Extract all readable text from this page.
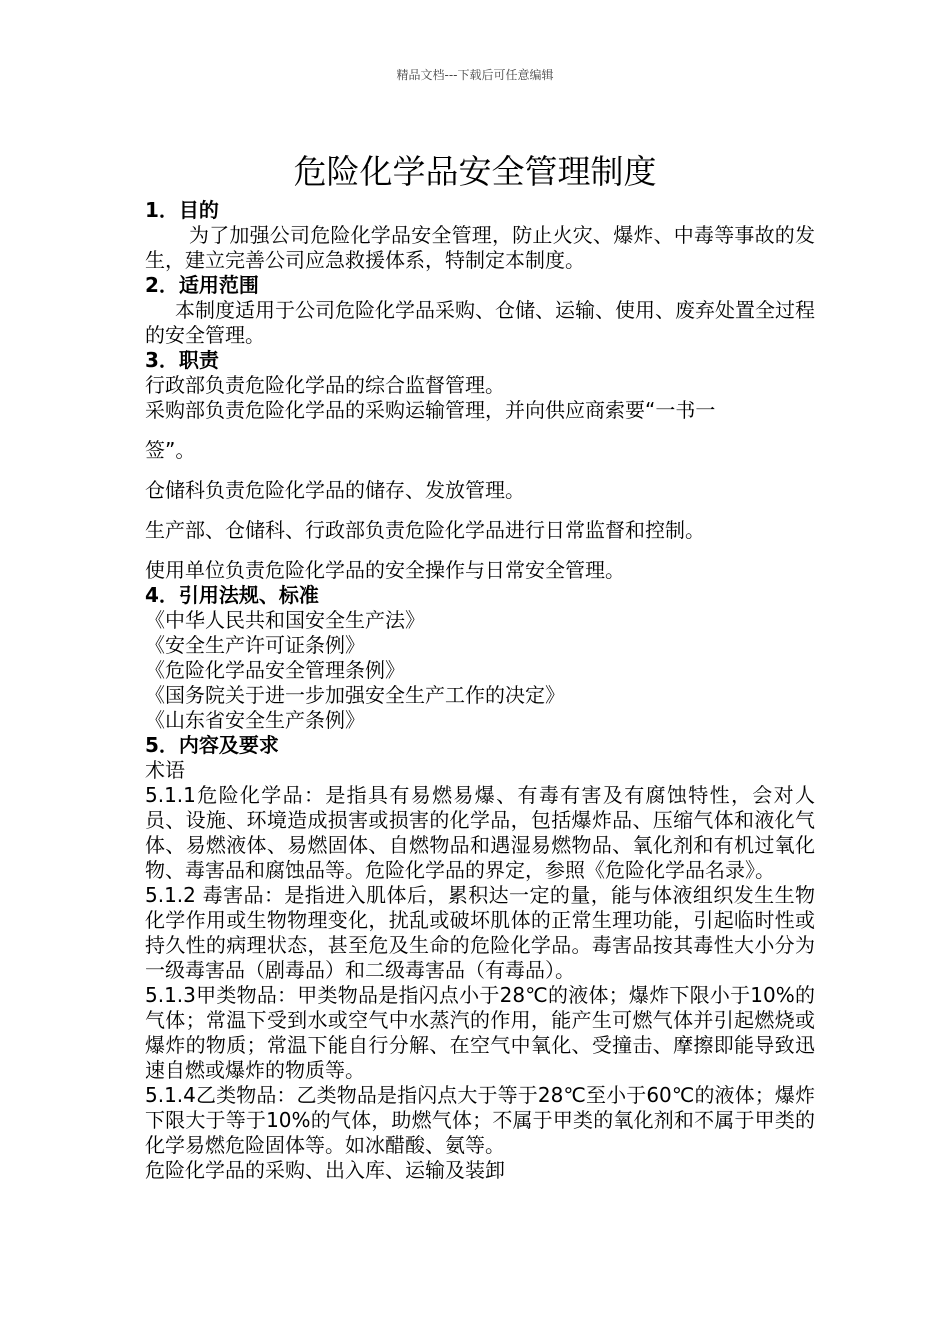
精品文档---下载后可任意编辑
危险化学品安全管理制度
1．目的

为了加强公司危险化学品安全管理，防止火灾、爆炸、中毒等事故的发生，建立完善公司应急救援体系，特制定本制度。

2．适用范围

本制度适用于公司危险化学品采购、仓储、运输、使用、废弃处置全过程的安全管理。

3．职责
行政部负责危险化学品的综合监督管理。
采购部负责危险化学品的采购运输管理，并向供应商索要“一书一
签”。
仓储科负责危险化学品的储存、发放管理。
生产部、仓储科、行政部负责危险化学品进行日常监督和控制。
使用单位负责危险化学品的安全操作与日常安全管理。
4．引用法规、标准
《中华人民共和国安全生产法》
《安全生产许可证条例》
《危险化学品安全管理条例》
《国务院关于进一步加强安全生产工作的决定》
《山东省安全生产条例》
5．内容及要求
术语

5.1.1危险化学品：是指具有易燃易爆、有毒有害及有腐蚀特性，会对人员、设施、环境造成损害或损害的化学品，包括爆炸品、压缩气体和液化气体、易燃液体、易燃固体、自燃物品和遇湿易燃物品、氧化剂和有机过氧化物、毒害品和腐蚀品等。危险化学品的界定，参照《危险化学品名录》。

5.1.2 毒害品：是指进入肌体后，累积达一定的量，能与体液组织发生生物化学作用或生物物理变化，扰乱或破坏肌体的正常生理功能，引起临时性或持久性的病理状态，甚至危及生命的危险化学品。毒害品按其毒性大小分为一级毒害品（剧毒品）和二级毒害品（有毒品）。

5.1.3甲类物品：甲类物品是指闪点小于28℃的液体；爆炸下限小于10%的气体；常温下受到水或空气中水蒸汽的作用，能产生可燃气体并引起燃烧或爆炸的物质；常温下能自行分解、在空气中氧化、受撞击、摩擦即能导致迅速自燃或爆炸的物质等。

5.1.4乙类物品：乙类物品是指闪点大于等于28℃至小于60℃的液体；爆炸下限大于等于10%的气体，助燃气体；不属于甲类的氧化剂和不属于甲类的化学易燃危险固体等。如冰醋酸、氨等。

危险化学品的采购、出入库、运输及装卸
